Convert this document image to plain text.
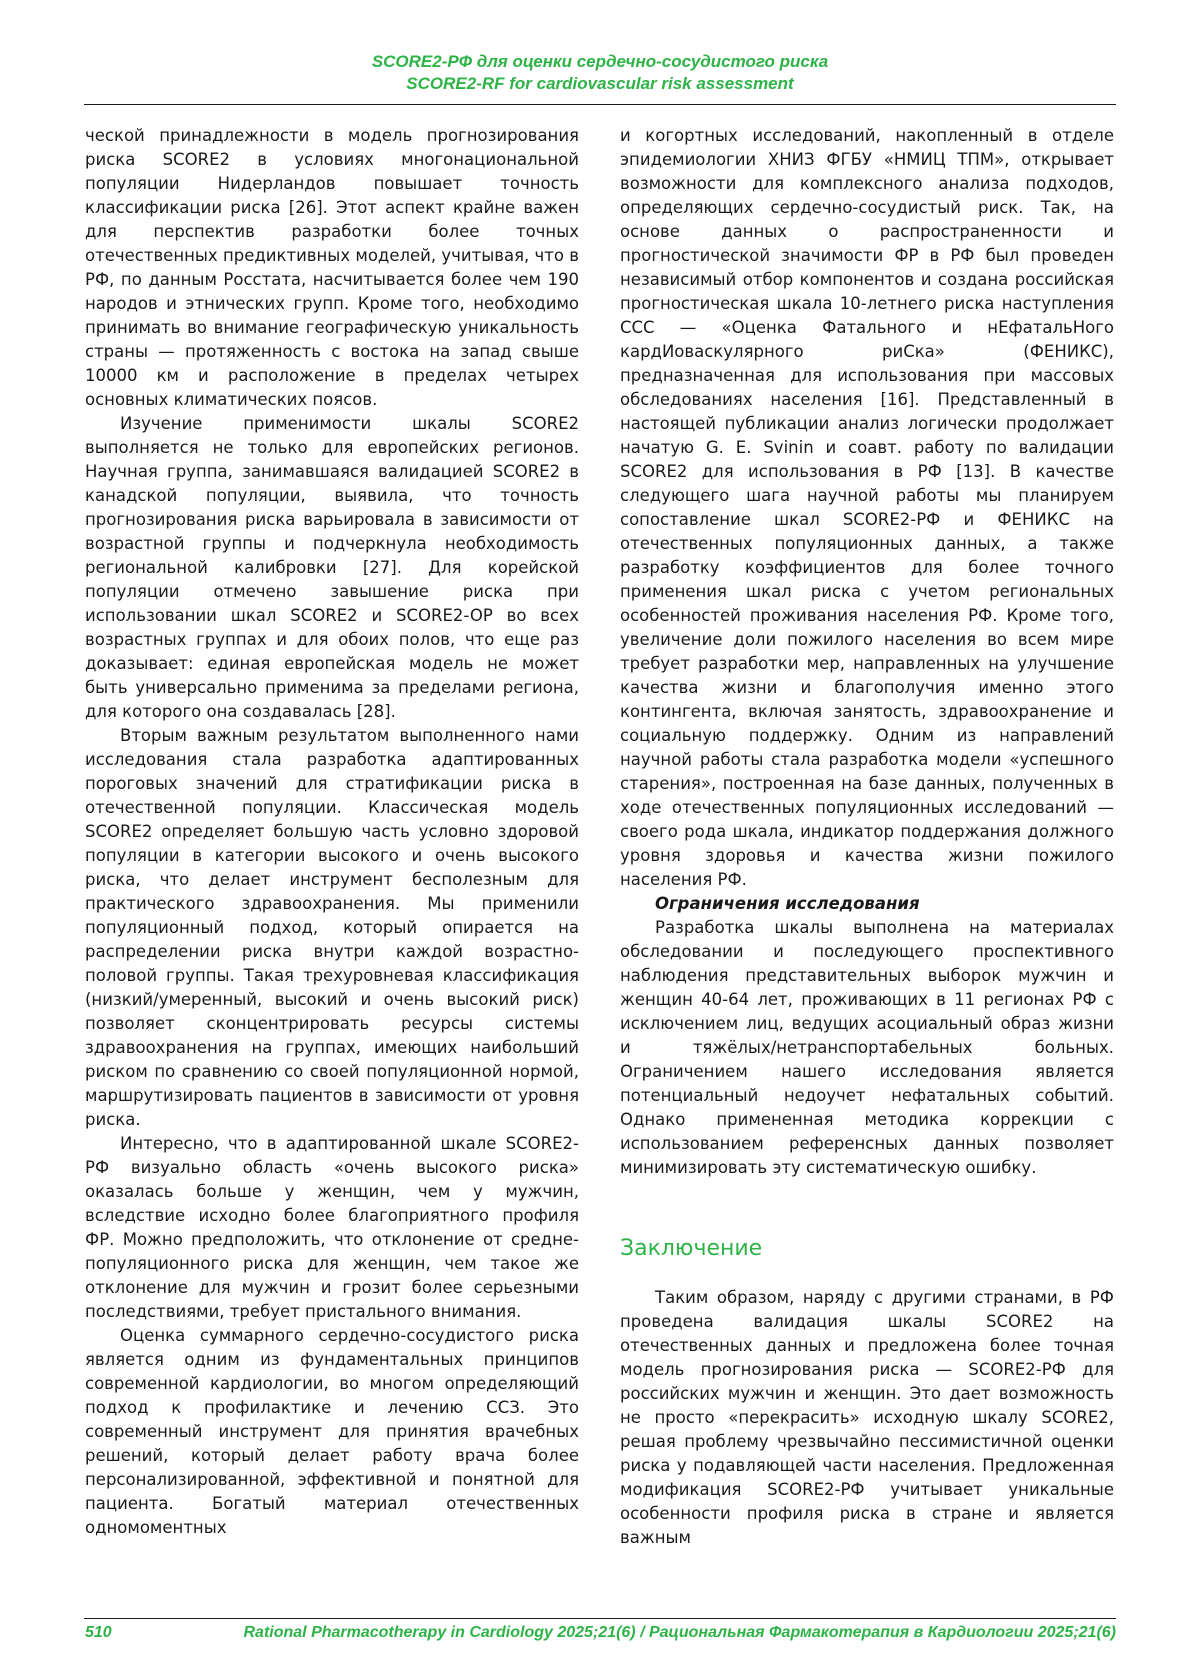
SCORE2-РФ для оценки сердечно-сосудистого риска
SCORE2-RF for cardiovascular risk assessment

ческой принадлежности в модель прогнозирования риска SCORE2 в условиях многонациональной популяции Нидерландов повышает точность классификации риска [26]. Этот аспект крайне важен для перспектив разработки более точных отечественных предиктивных моделей, учитывая, что в РФ, по данным Росстата, насчитывается более чем 190 народов и этнических групп. Кроме того, необходимо принимать во внимание географическую уникальность страны — протяженность с востока на запад свыше 10000 км и расположение в пределах четырех основных климатических поясов.

Изучение применимости шкалы SCORE2 выполняется не только для европейских регионов. Научная группа, занимавшаяся валидацией SCORE2 в канадской популяции, выявила, что точность прогнозирования риска варьировала в зависимости от возрастной группы и подчеркнула необходимость региональной калибровки [27]. Для корейской популяции отмечено завышение риска при использовании шкал SCORE2 и SCORE2-OP во всех возрастных группах и для обоих полов, что еще раз доказывает: единая европейская модель не может быть универсально применима за пределами региона, для которого она создавалась [28].

Вторым важным результатом выполненного нами исследования стала разработка адаптированных пороговых значений для стратификации риска в отечественной популяции. Классическая модель SCORE2 определяет большую часть условно здоровой популяции в категории высокого и очень высокого риска, что делает инструмент бесполезным для практического здравоохранения. Мы применили популяционный подход, который опирается на распределении риска внутри каждой возрастно-половой группы. Такая трехуровневая классификация (низкий/умеренный, высокий и очень высокий риск) позволяет сконцентрировать ресурсы системы здравоохранения на группах, имеющих наибольший риском по сравнению со своей популяционной нормой, маршрутизировать пациентов в зависимости от уровня риска.

Интересно, что в адаптированной шкале SCORE2-РФ визуально область «очень высокого риска» оказалась больше у женщин, чем у мужчин, вследствие исходно более благоприятного профиля ФР. Можно предположить, что отклонение от средне-популяционного риска для женщин, чем такое же отклонение для мужчин и грозит более серьезными последствиями, требует пристального внимания.

Оценка суммарного сердечно-сосудистого риска является одним из фундаментальных принципов современной кардиологии, во многом определяющий подход к профилактике и лечению ССЗ. Это современный инструмент для принятия врачебных решений, который делает работу врача более персонализированной, эффективной и понятной для пациента. Богатый материал отечественных одномоментных

и когортных исследований, накопленный в отделе эпидемиологии ХНИЗ ФГБУ «НМИЦ ТПМ», открывает возможности для комплексного анализа подходов, определяющих сердечно-сосудистый риск. Так, на основе данных о распространенности и прогностической значимости ФР в РФ был проведен независимый отбор компонентов и создана российская прогностическая шкала 10-летнего риска наступления ССС — «Оценка Фатального и нЕфатальНого кардИоваскулярного риСка» (ФЕНИКС), предназначенная для использования при массовых обследованиях населения [16]. Представленный в настоящей публикации анализ логически продолжает начатую G. E. Svinin и соавт. работу по валидации SCORE2 для использования в РФ [13]. В качестве следующего шага научной работы мы планируем сопоставление шкал SCORE2-РФ и ФЕНИКС на отечественных популяционных данных, а также разработку коэффициентов для более точного применения шкал риска с учетом региональных особенностей проживания населения РФ. Кроме того, увеличение доли пожилого населения во всем мире требует разработки мер, направленных на улучшение качества жизни и благополучия именно этого контингента, включая занятость, здравоохранение и социальную поддержку. Одним из направлений научной работы стала разработка модели «успешного старения», построенная на базе данных, полученных в ходе отечественных популяционных исследований — своего рода шкала, индикатор поддержания должного уровня здоровья и качества жизни пожилого населения РФ.

Ограничения исследования

Разработка шкалы выполнена на материалах обследовании и последующего проспективного наблюдения представительных выборок мужчин и женщин 40-64 лет, проживающих в 11 регионах РФ с исключением лиц, ведущих асоциальный образ жизни и тяжёлых/нетранспортабельных больных. Ограничением нашего исследования является потенциальный недоучет нефатальных событий. Однако примененная методика коррекции с использованием референсных данных позволяет минимизировать эту систематическую ошибку.

Заключение

Таким образом, наряду с другими странами, в РФ проведена валидация шкалы SCORE2 на отечественных данных и предложена более точная модель прогнозирования риска — SCORE2-РФ для российских мужчин и женщин. Это дает возможность не просто «перекрасить» исходную шкалу SCORE2, решая проблему чрезвычайно пессимистичной оценки риска у подавляющей части населения. Предложенная модификация SCORE2-РФ учитывает уникальные особенности профиля риска в стране и является важным

510	Rational Pharmacotherapy in Cardiology 2025;21(6) / Рациональная Фармакотерапия в Кардиологии 2025;21(6)
